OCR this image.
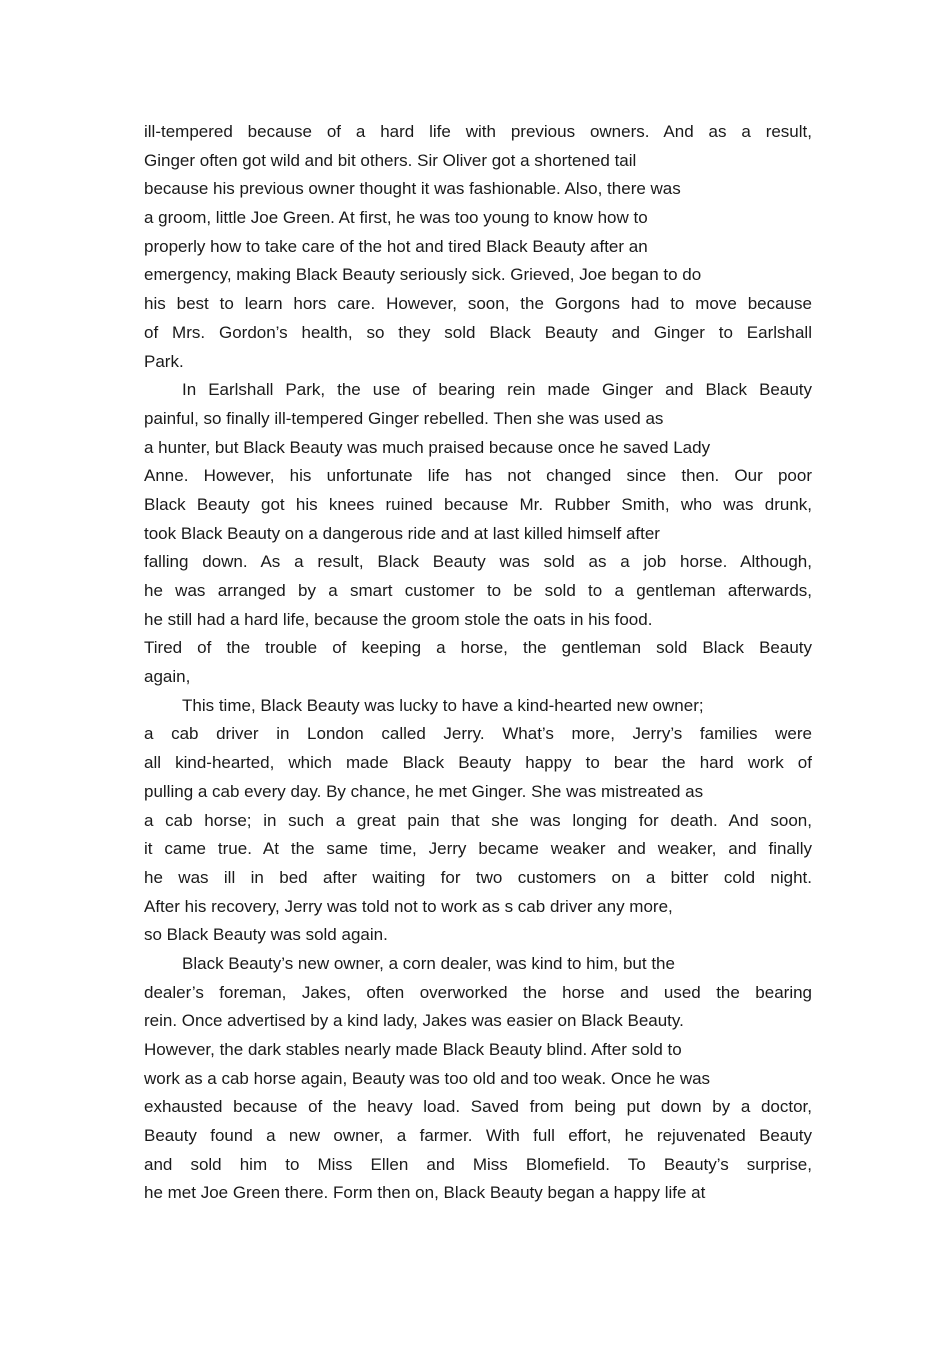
ill-tempered because of a hard life with previous owners. And as a result,
Ginger often got wild and bit others. Sir Oliver got a shortened tail
because his previous owner thought it was fashionable. Also, there was
a groom, little Joe Green. At first, he was too young to know how to
properly how to take care of the hot and tired Black Beauty after an
emergency, making Black Beauty seriously sick. Grieved, Joe began to do
his best to learn hors care. However, soon, the Gorgons had to move because
of Mrs. Gordon’s health, so they sold Black Beauty and Ginger to Earlshall
Park.
In Earlshall Park, the use of bearing rein made Ginger and Black Beauty
painful, so finally ill-tempered Ginger rebelled. Then she was used as
a hunter, but Black Beauty was much praised because once he saved Lady
Anne. However, his unfortunate life has not changed since then. Our poor
Black Beauty got his knees ruined because Mr. Rubber Smith, who was drunk,
took Black Beauty on a dangerous ride and at last killed himself after
falling down. As a result, Black Beauty was sold as a job horse. Although,
he was arranged by a smart customer to be sold to a gentleman afterwards,
he still had a hard life, because the groom stole the oats in his food.
Tired of the trouble of keeping a horse, the gentleman sold Black Beauty
again,
This time, Black Beauty was lucky to have a kind-hearted new owner;
a cab driver in London called Jerry. What’s more, Jerry’s families were
all kind-hearted, which made Black Beauty happy to bear the hard work of
pulling a cab every day. By chance, he met Ginger. She was mistreated as
a cab horse; in such a great pain that she was longing for death. And soon,
it came true. At the same time, Jerry became weaker and weaker, and finally
he was ill in bed after waiting for two customers on a bitter cold night.
After his recovery, Jerry was told not to work as s cab driver any more,
so Black Beauty was sold again.
Black Beauty’s new owner, a corn dealer, was kind to him, but the
dealer’s foreman, Jakes, often overworked the horse and used the bearing
rein. Once advertised by a kind lady, Jakes was easier on Black Beauty.
However, the dark stables nearly made Black Beauty blind. After sold to
work as a cab horse again, Beauty was too old and too weak. Once he was
exhausted because of the heavy load. Saved from being put down by a doctor,
Beauty found a new owner, a farmer. With full effort, he rejuvenated Beauty
and sold him to Miss Ellen and Miss Blomefield. To Beauty’s surprise,
he met Joe Green there. Form then on, Black Beauty began a happy life at
